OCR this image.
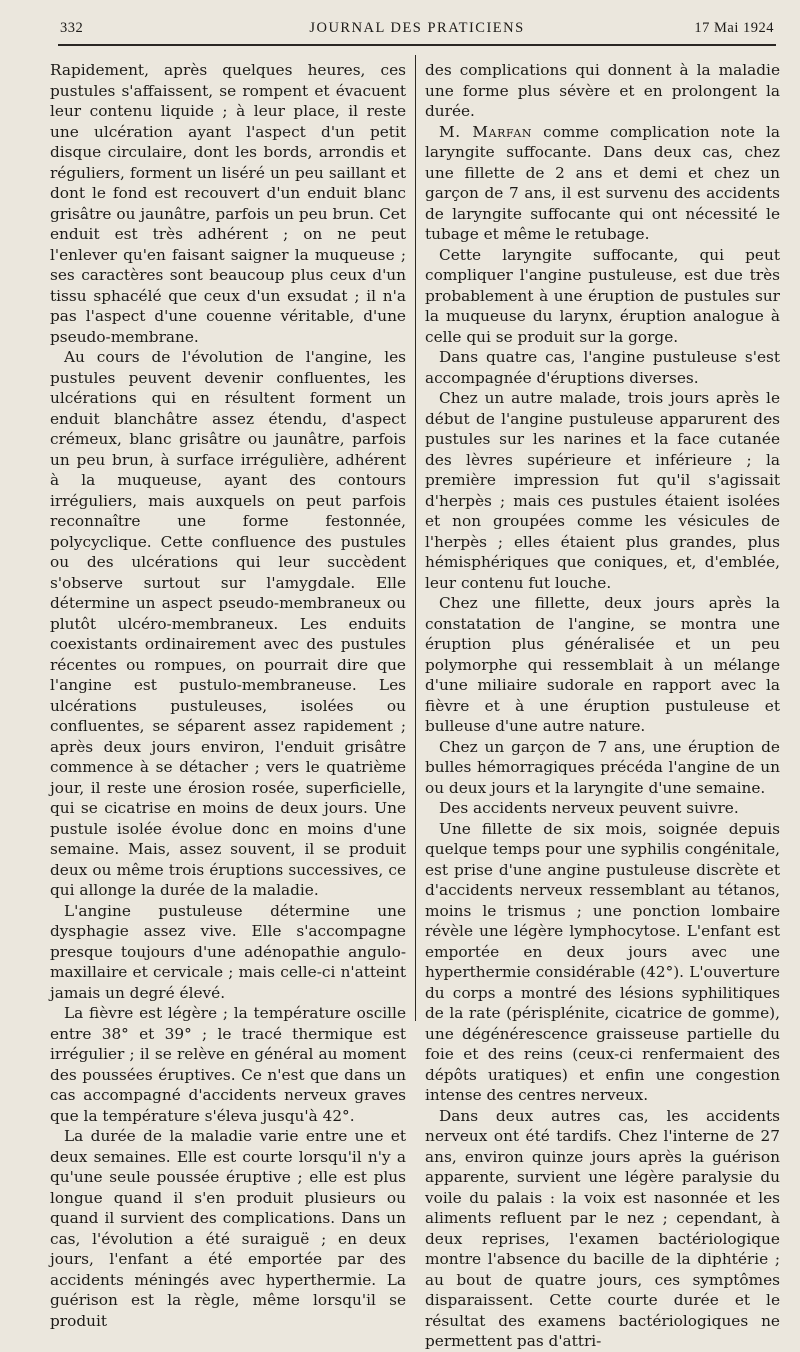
332	JOURNAL DES PRATICIENS	17 Mai 1924

Rapidement, après quelques heures, ces pustules s'affaissent, se rompent et évacuent leur contenu liquide ; à leur place, il reste une ulcération ayant l'aspect d'un petit disque circulaire, dont les bords, arrondis et réguliers, forment un liséré un peu saillant et dont le fond est recouvert d'un enduit blanc grisâtre ou jaunâtre, parfois un peu brun. Cet enduit est très adhérent ; on ne peut l'enlever qu'en faisant saigner la muqueuse ; ses caractères sont beaucoup plus ceux d'un tissu sphacélé que ceux d'un exsudat ; il n'a pas l'aspect d'une couenne véritable, d'une pseudo-membrane.

Au cours de l'évolution de l'angine, les pustules peuvent devenir confluentes, les ulcérations qui en résultent forment un enduit blanchâtre assez étendu, d'aspect crémeux, blanc grisâtre ou jaunâtre, parfois un peu brun, à surface irrégulière, adhérent à la muqueuse, ayant des contours irréguliers, mais auxquels on peut parfois reconnaître une forme festonnée, polycyclique. Cette confluence des pustules ou des ulcérations qui leur succèdent s'observe surtout sur l'amygdale. Elle détermine un aspect pseudo-membraneux ou plutôt ulcéro-membraneux. Les enduits coexistants ordinairement avec des pustules récentes ou rompues, on pourrait dire que l'angine est pustulo-membraneuse. Les ulcérations pustuleuses, isolées ou confluentes, se séparent assez rapidement ; après deux jours environ, l'enduit grisâtre commence à se détacher ; vers le quatrième jour, il reste une érosion rosée, superficielle, qui se cicatrise en moins de deux jours. Une pustule isolée évolue donc en moins d'une semaine. Mais, assez souvent, il se produit deux ou même trois éruptions successives, ce qui allonge la durée de la maladie.

L'angine pustuleuse détermine une dysphagie assez vive. Elle s'accompagne presque toujours d'une adénopathie angulo-maxillaire et cervicale ; mais celle-ci n'atteint jamais un degré élevé.

La fièvre est légère ; la température oscille entre 38° et 39° ; le tracé thermique est irrégulier ; il se relève en général au moment des poussées éruptives. Ce n'est que dans un cas accompagné d'accidents nerveux graves que la température s'éleva jusqu'à 42°.

La durée de la maladie varie entre une et deux semaines. Elle est courte lorsqu'il n'y a qu'une seule poussée éruptive ; elle est plus longue quand il s'en produit plusieurs ou quand il survient des complications. Dans un cas, l'évolution a été suraiguë ; en deux jours, l'enfant a été emportée par des accidents méningés avec hyperthermie. La guérison est la règle, même lorsqu'il se produit

des complications qui donnent à la maladie une forme plus sévère et en prolongent la durée.

M. Marfan comme complication note la laryngite suffocante. Dans deux cas, chez une fillette de 2 ans et demi et chez un garçon de 7 ans, il est survenu des accidents de laryngite suffocante qui ont nécessité le tubage et même le retubage.

Cette laryngite suffocante, qui peut compliquer l'angine pustuleuse, est due très probablement à une éruption de pustules sur la muqueuse du larynx, éruption analogue à celle qui se produit sur la gorge.

Dans quatre cas, l'angine pustuleuse s'est accompagnée d'éruptions diverses.

Chez un autre malade, trois jours après le début de l'angine pustuleuse apparurent des pustules sur les narines et la face cutanée des lèvres supérieure et inférieure ; la première impression fut qu'il s'agissait d'herpès ; mais ces pustules étaient isolées et non groupées comme les vésicules de l'herpès ; elles étaient plus grandes, plus hémisphériques que coniques, et, d'emblée, leur contenu fut louche.

Chez une fillette, deux jours après la constatation de l'angine, se montra une éruption plus généralisée et un peu polymorphe qui ressemblait à un mélange d'une miliaire sudorale en rapport avec la fièvre et à une éruption pustuleuse et bulleuse d'une autre nature.

Chez un garçon de 7 ans, une éruption de bulles hémorragiques précéda l'angine de un ou deux jours et la laryngite d'une semaine.

Des accidents nerveux peuvent suivre.

Une fillette de six mois, soignée depuis quelque temps pour une syphilis congénitale, est prise d'une angine pustuleuse discrète et d'accidents nerveux ressemblant au tétanos, moins le trismus ; une ponction lombaire révèle une légère lymphocytose. L'enfant est emportée en deux jours avec une hyperthermie considérable (42°). L'ouverture du corps a montré des lésions syphilitiques de la rate (périsplénite, cicatrice de gomme), une dégénérescence graisseuse partielle du foie et des reins (ceux-ci renfermaient des dépôts uratiques) et enfin une congestion intense des centres nerveux.

Dans deux autres cas, les accidents nerveux ont été tardifs. Chez l'interne de 27 ans, environ quinze jours après la guérison apparente, survient une légère paralysie du voile du palais : la voix est nasonnée et les aliments refluent par le nez ; cependant, à deux reprises, l'examen bactériologique montre l'absence du bacille de la diphtérie ; au bout de quatre jours, ces symptômes disparaissent. Cette courte durée et le résultat des examens bactériologiques ne permettent pas d'attri-
